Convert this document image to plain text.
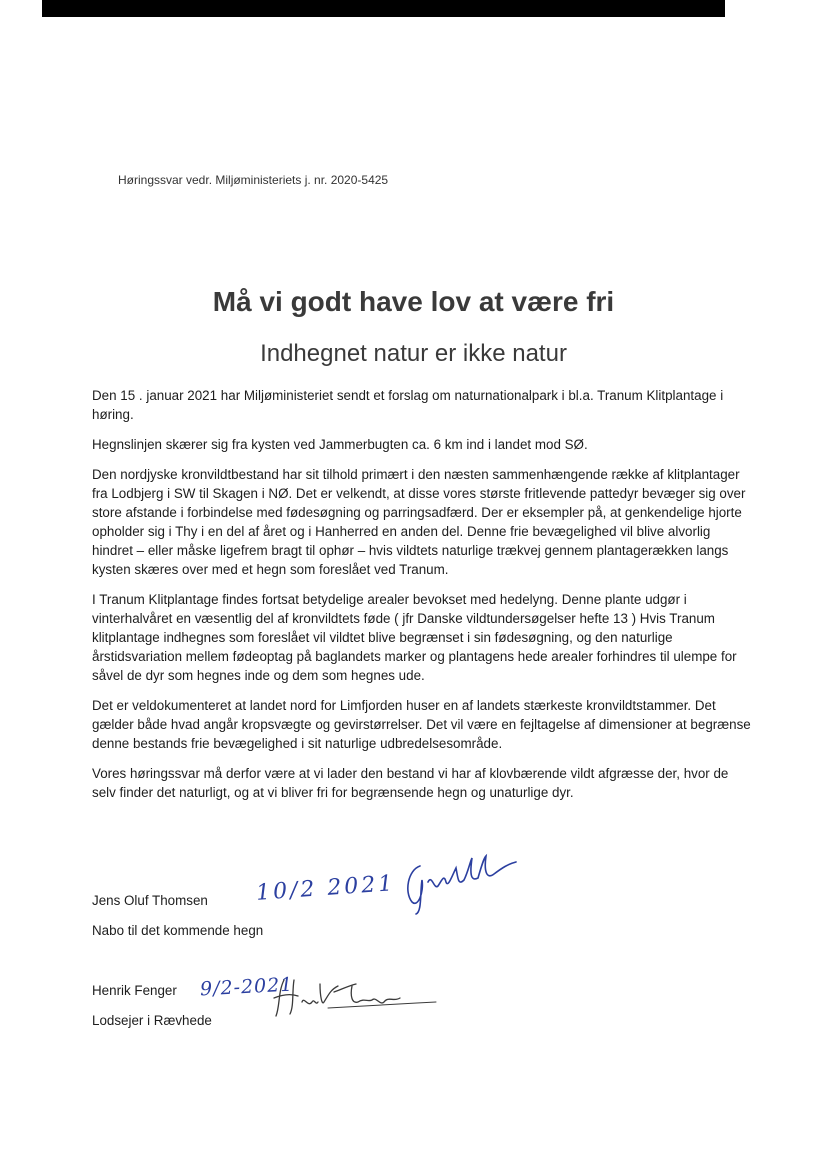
Høringssvar vedr. Miljøministeriets j. nr. 2020-5425
Må vi godt have lov at være fri
Indhegnet natur er ikke natur

Den 15 . januar 2021 har Miljøministeriet sendt et forslag om naturnationalpark i bl.a. Tranum Klitplantage i høring.

Hegnslinjen skærer sig fra kysten ved Jammerbugten ca. 6 km ind i landet mod SØ.

Den nordjyske kronvildtbestand har sit tilhold primært i den næsten sammenhængende række af klitplantager fra Lodbjerg i SW til Skagen i NØ. Det er velkendt, at disse vores største fritlevende pattedyr bevæger sig over store afstande i forbindelse med fødesøgning og parringsadfærd. Der er eksempler på, at genkendelige hjorte opholder sig i Thy i en del af året og i Hanherred en anden del. Denne frie bevægelighed vil blive alvorlig hindret – eller måske ligefrem bragt til ophør – hvis vildtets naturlige trækvej gennem plantagerækken langs kysten skæres over med et hegn som foreslået ved Tranum.

I Tranum Klitplantage findes fortsat betydelige arealer bevokset med hedelyng. Denne plante udgør i vinterhalvåret en væsentlig del af kronvildtets føde ( jfr Danske vildtundersøgelser hefte 13 ) Hvis Tranum klitplantage indhegnes som foreslået vil vildtet blive begrænset i sin fødesøgning, og den naturlige årstidsvariation mellem fødeoptag på baglandets marker og plantagens hede arealer forhindres til ulempe for såvel de dyr som hegnes inde og dem som hegnes ude.

Det er veldokumenteret at landet nord for Limfjorden huser en af landets stærkeste kronvildtstammer. Det gælder både hvad angår kropsvægte og gevirstørrelser. Det vil være en fejltagelse af dimensioner at begrænse denne bestands frie bevægelighed i sit naturlige udbredelsesområde.

Vores høringssvar må derfor være at vi lader den bestand vi har af klovbærende vildt afgræsse der, hvor de selv finder det naturligt, og at vi bliver fri for begrænsende hegn og unaturlige dyr.

Jens Oluf Thomsen 10/2 2021
Nabo til det kommende hegn
Henrik Fenger 9/2-2021
Lodsejer i Rævhede
